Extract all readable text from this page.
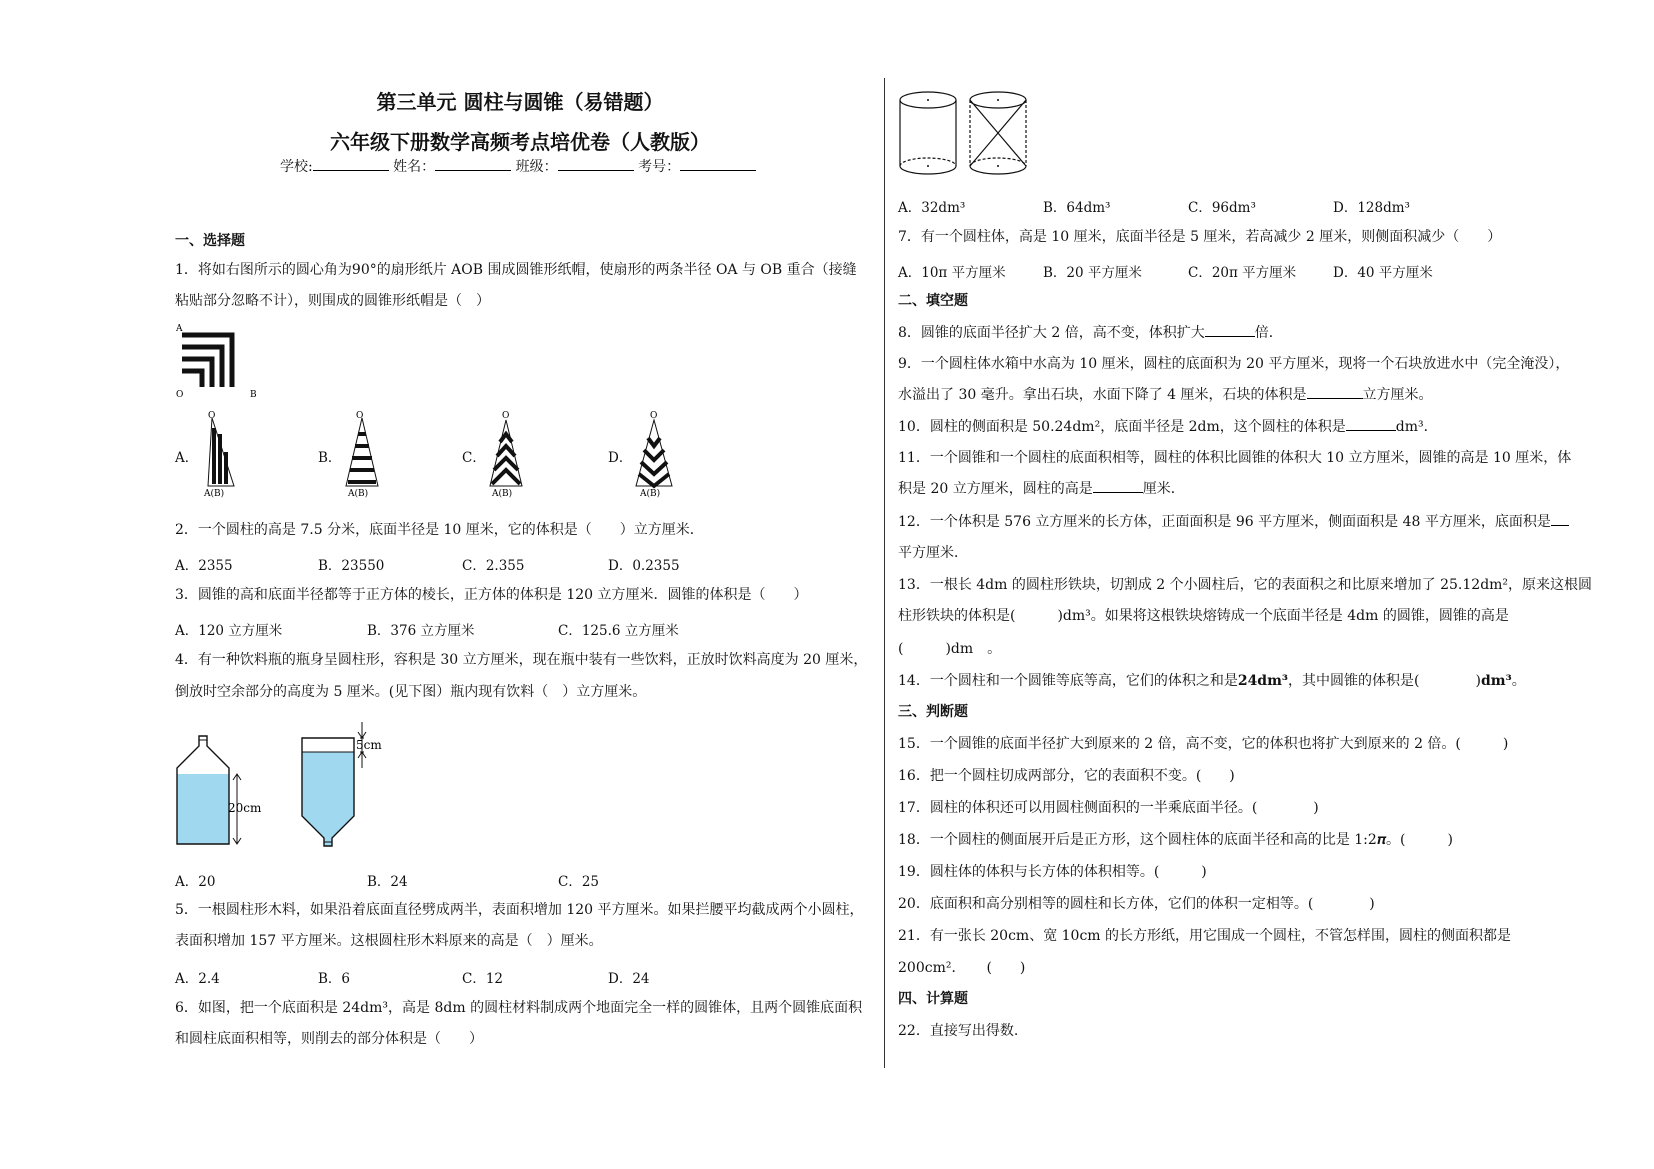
第三单元 圆柱与圆锥（易错题）
六年级下册数学高频考点培优卷（人教版）
学校:	姓名：	班级：	考号：
一、选择题
1．将如右图所示的圆心角为90°的扇形纸片 AOB 围成圆锥形纸帽，使扇形的两条半径 OA 与 OB 重合（接缝
粘贴部分忽略不计），则围成的圆锥形纸帽是（　）
A
O	B
A．
O
A(B)
B．
O
A(B)
C．
O
A(B)
D．
O
A(B)
2．一个圆柱的高是 7.5 分米，底面半径是 10 厘米，它的体积是（　　）立方厘米．
A．2355	B．23550	C．2.355	D．0.2355
3．圆锥的高和底面半径都等于正方体的棱长，正方体的体积是 120 立方厘米．圆锥的体积是（　　）
A．120 立方厘米	B．376 立方厘米	C．125.6 立方厘米
4．有一种饮料瓶的瓶身呈圆柱形，容积是 30 立方厘米，现在瓶中装有一些饮料，正放时饮料高度为 20 厘米，
倒放时空余部分的高度为 5 厘米。(见下图）瓶内现有饮料（　）立方厘米。
20cm
5cm
A．20	B．24	C．25
5．一根圆柱形木料，如果沿着底面直径劈成两半，表面积增加 120 平方厘米。如果拦腰平均截成两个小圆柱，
表面积增加 157 平方厘米。这根圆柱形木料原来的高是（　）厘米。
A．2.4	B．6	C．12	D．24
6．如图，把一个底面积是 24dm³，高是 8dm 的圆柱材料制成两个地面完全一样的圆锥体，且两个圆锥底面积
和圆柱底面积相等，则削去的部分体积是（　　）
A．32dm³	B．64dm³	C．96dm³	D．128dm³
7．有一个圆柱体，高是 10 厘米，底面半径是 5 厘米，若高减少 2 厘米，则侧面积减少（　　）
A．10π 平方厘米	B．20 平方厘米	C．20π 平方厘米	D．40 平方厘米
二、填空题
8．圆锥的底面半径扩大 2 倍，高不变，体积扩大	倍．
9．一个圆柱体水箱中水高为 10 厘米，圆柱的底面积为 20 平方厘米，现将一个石块放进水中（完全淹没），
水溢出了 30 毫升。拿出石块，水面下降了 4 厘米，石块的体积是	立方厘米。
10．圆柱的侧面积是 50.24dm²，底面半径是 2dm，这个圆柱的体积是	dm³．
11．一个圆锥和一个圆柱的底面积相等，圆柱的体积比圆锥的体积大 10 立方厘米，圆锥的高是 10 厘米，体
积是 20 立方厘米，圆柱的高是	厘米．
12．一个体积是 576 立方厘米的长方体，正面面积是 96 平方厘米，侧面面积是 48 平方厘米，底面积是
平方厘米．
13．一根长 4dm 的圆柱形铁块，切割成 2 个小圆柱后，它的表面积之和比原来增加了 25.12dm²，原来这根圆
柱形铁块的体积是(　　　)dm³。如果将这根铁块熔铸成一个底面半径是 4dm 的圆锥，圆锥的高是
(　　　)dm　。
14．一个圆柱和一个圆锥等底等高，它们的体积之和是24dm³，其中圆锥的体积是(　　　　)dm³。
三、判断题
15．一个圆锥的底面半径扩大到原来的 2 倍，高不变，它的体积也将扩大到原来的 2 倍。(　　　)
16．把一个圆柱切成两部分，它的表面积不变。(　　)
17．圆柱的体积还可以用圆柱侧面积的一半乘底面半径。(　　　　)
18．一个圆柱的侧面展开后是正方形，这个圆柱体的底面半径和高的比是 1:2𝝅。(　　　)
19．圆柱体的体积与长方体的体积相等。(　　　)
20．底面积和高分别相等的圆柱和长方体，它们的体积一定相等。(　　　　)
21．有一张长 20cm、宽 10cm 的长方形纸，用它围成一个圆柱，不管怎样围，圆柱的侧面积都是
200cm²．　　(　　)
四、计算题
22．直接写出得数.
